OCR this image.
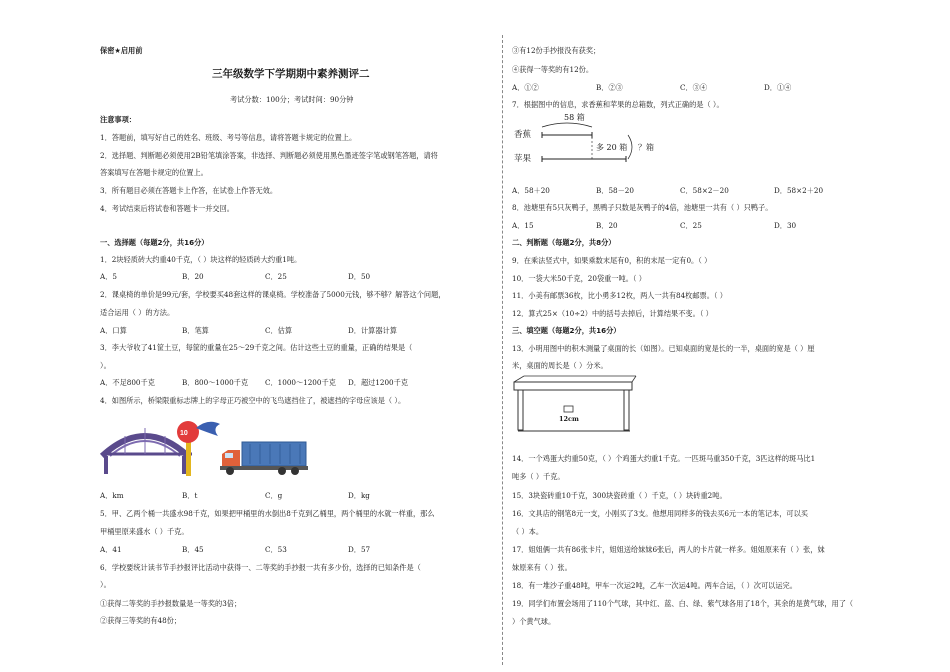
保密★启用前
三年级数学下学期期中素养测评二
考试分数：100分；考试时间：90分钟
注意事项：
1．答题前，填写好自己的姓名、班级、考号等信息，请将答题卡规定的位置上。
2．选择题、判断题必须使用2B铅笔填涂答案，非选择、判断题必须使用黑色墨迹签字笔或钢笔答题，请将
答案填写在答题卡规定的位置上。
3．所有题目必须在答题卡上作答，在试卷上作答无效。
4．考试结束后将试卷和答题卡一并交回。
一、选择题（每题2分，共16分）
1．2块轻质砖大约重40千克，（ ）块这样的轻质砖大约重1吨。
A．5	B．20	C．25	D．50
2．课桌椅的单价是99元/套，学校要买48套这样的课桌椅。学校准备了5000元钱，够不够？解答这个问题，
适合运用（ ）的方法。
A．口算	B．笔算	C．估算	D．计算器计算
3．李大爷收了41筐土豆，每筐的重量在25～29千克之间。估计这些土豆的重量，正确的结果是（
）。
A．不足800千克	B．800～1000千克 C．1000～1200千克 D．超过1200千克
4．如图所示，桥梁限重标志牌上的字母正巧被空中的飞鸟遮挡住了，被遮挡的字母应该是（ ）。
10
A．km	B．t	C．g	D．kg
5．甲、乙两个桶一共盛水98千克，如果把甲桶里的水倒出8千克到乙桶里，两个桶里的水就一样重，那么
甲桶里原来盛水（ ）千克。
A．41	B．45	C．53	D．57
6．学校要统计读书节手抄报评比活动中获得一、二等奖的手抄报一共有多少份，选择的已知条件是（
）。
①获得二等奖的手抄报数量是一等奖的3倍；
②获得三等奖的有48份；
③有12份手抄报没有获奖；
④获得一等奖的有12份。
A．①②	B．②③	C．③④	D．①④
7．根据图中的信息，求香蕉和苹果的总箱数，列式正确的是（ ）。
58 箱
香蕉
苹果
多 20 箱 ？箱
A．58＋20	B．58－20	C．58×2－20	D．58×2＋20
8．池塘里有5只灰鸭子，黑鸭子只数是灰鸭子的4倍，池塘里一共有（ ）只鸭子。
A．15	B．20	C．25	D．30
二、判断题（每题2分，共8分）
9．在乘法竖式中，如果乘数末尾有0，积的末尾一定有0。（ ）
10．一袋大米50千克，20袋重一吨。（ ）
11．小美有邮票36枚，比小勇多12枚，两人一共有84枚邮票。（ ）
12．算式25×（10÷2）中的括号去掉后，计算结果不变。（ ）
三、填空题（每题2分，共16分）
13．小明用图中的积木测量了桌面的长（如图）。已知桌面的宽是长的一半，桌面的宽是（ ）厘
米，桌面的周长是（ ）分米。
12cm
14．一个鸡蛋大约重50克，（ ）个鸡蛋大约重1千克。一匹斑马重350千克，3匹这样的斑马比1
吨多（ ）千克。
15．3块瓷砖重10千克，300块瓷砖重（ ）千克，（ ）块砖重2吨。
16．文具店的钢笔8元一支，小刚买了3支。他想用同样多的钱去买6元一本的笔记本，可以买
（ ）本。
17．姐姐俩一共有86张卡片，姐姐送给妹妹6张后，两人的卡片就一样多。姐姐原来有（ ）张，妹
妹原来有（ ）张。
18．有一堆沙子重48吨，甲车一次运2吨，乙车一次运4吨。两车合运，（ ）次可以运完。
19．同学们布置会场用了110个气球，其中红、蓝、白、绿、紫气球各用了18个，其余的是黄气球，用了（
）个黄气球。
